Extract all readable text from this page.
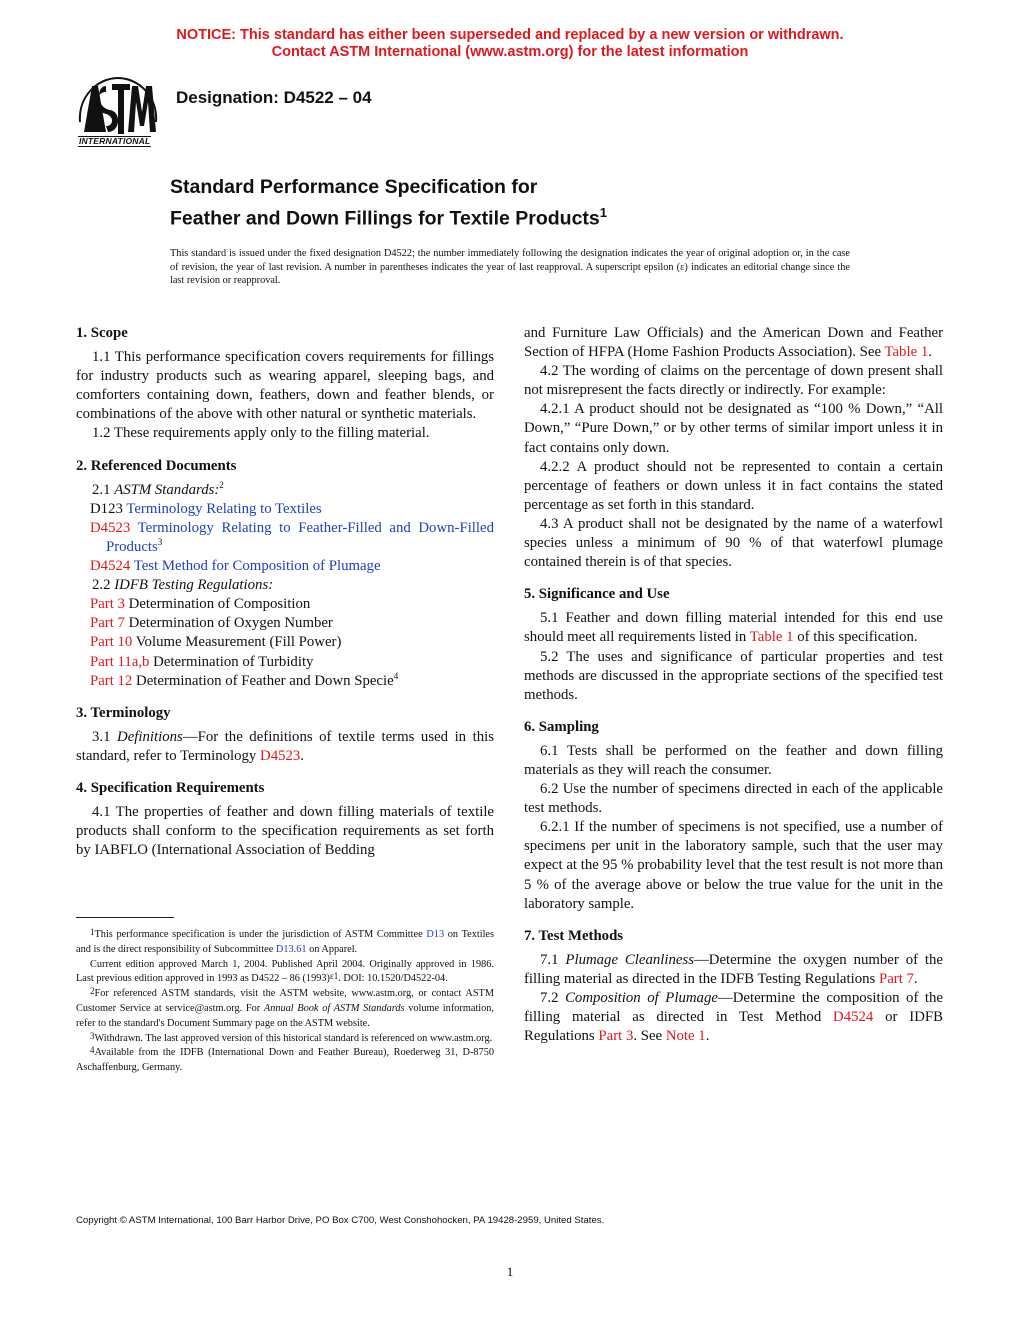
NOTICE: This standard has either been superseded and replaced by a new version or withdrawn.
Contact ASTM International (www.astm.org) for the latest information
INTERNATIONAL
Designation: D4522 – 04
Standard Performance Specification for
Feather and Down Fillings for Textile Products$^1$
This standard is issued under the fixed designation D4522; the number immediately following the designation indicates the year of original adoption or, in the case of revision, the year of last revision. A number in parentheses indicates the year of last reapproval. A superscript epsilon (ε) indicates an editorial change since the last revision or reapproval.
1. Scope

1.1 This performance specification covers requirements for fillings for industry products such as wearing apparel, sleeping bags, and comforters containing down, feathers, down and feather blends, or combinations of the above with other natural or synthetic materials.

1.2 These requirements apply only to the filling material.

2. Referenced Documents

2.1 ASTM Standards:$^2$

D123 Terminology Relating to Textiles

D4523 Terminology Relating to Feather-Filled and Down-Filled Products$^3$

D4524 Test Method for Composition of Plumage

2.2 IDFB Testing Regulations:

Part 3 Determination of Composition

Part 7 Determination of Oxygen Number

Part 10 Volume Measurement (Fill Power)

Part 11a,b Determination of Turbidity

Part 12 Determination of Feather and Down Specie$^4$

3. Terminology

3.1 Definitions—For the definitions of textile terms used in this standard, refer to Terminology D4523.

4. Specification Requirements

4.1 The properties of feather and down filling materials of textile products shall conform to the specification requirements as set forth by IABFLO (International Association of Bedding

$^1$This performance specification is under the jurisdiction of ASTM Committee D13 on Textiles and is the direct responsibility of Subcommittee D13.61 on Apparel.

Current edition approved March 1, 2004. Published April 2004. Originally approved in 1986. Last previous edition approved in 1993 as D4522 – 86 $(1993)^{\varepsilon 1}$. DOI: 10.1520/D4522-04.

$^2$For referenced ASTM standards, visit the ASTM website, www.astm.org, or contact ASTM Customer Service at service@astm.org. For Annual Book of ASTM Standards volume information, refer to the standard's Document Summary page on the ASTM website.

$^3$Withdrawn. The last approved version of this historical standard is referenced on www.astm.org.

$^4$Available from the IDFB (International Down and Feather Bureau), Roederweg 31, D-8750 Aschaffenburg, Germany.

and Furniture Law Officials) and the American Down and Feather Section of HFPA (Home Fashion Products Association). See Table 1.

4.2 The wording of claims on the percentage of down present shall not misrepresent the facts directly or indirectly. For example:

4.2.1 A product should not be designated as “100 % Down,” “All Down,” “Pure Down,” or by other terms of similar import unless it in fact contains only down.

4.2.2 A product should not be represented to contain a certain percentage of feathers or down unless it in fact contains the stated percentage as set forth in this standard.

4.3 A product shall not be designated by the name of a waterfowl species unless a minimum of 90 % of that waterfowl plumage contained therein is of that species.

5. Significance and Use

5.1 Feather and down filling material intended for this end use should meet all requirements listed in Table 1 of this specification.

5.2 The uses and significance of particular properties and test methods are discussed in the appropriate sections of the specified test methods.

6. Sampling

6.1 Tests shall be performed on the feather and down filling materials as they will reach the consumer.

6.2 Use the number of specimens directed in each of the applicable test methods.

6.2.1 If the number of specimens is not specified, use a number of specimens per unit in the laboratory sample, such that the user may expect at the 95 % probability level that the test result is not more than 5 % of the average above or below the true value for the unit in the laboratory sample.

7. Test Methods

7.1 Plumage Cleanliness—Determine the oxygen number of the filling material as directed in the IDFB Testing Regulations Part 7.

7.2 Composition of Plumage—Determine the composition of the filling material as directed in Test Method D4524 or IDFB Regulations Part 3. See Note 1.

Copyright © ASTM International, 100 Barr Harbor Drive, PO Box C700, West Conshohocken, PA 19428-2959, United States.
1
